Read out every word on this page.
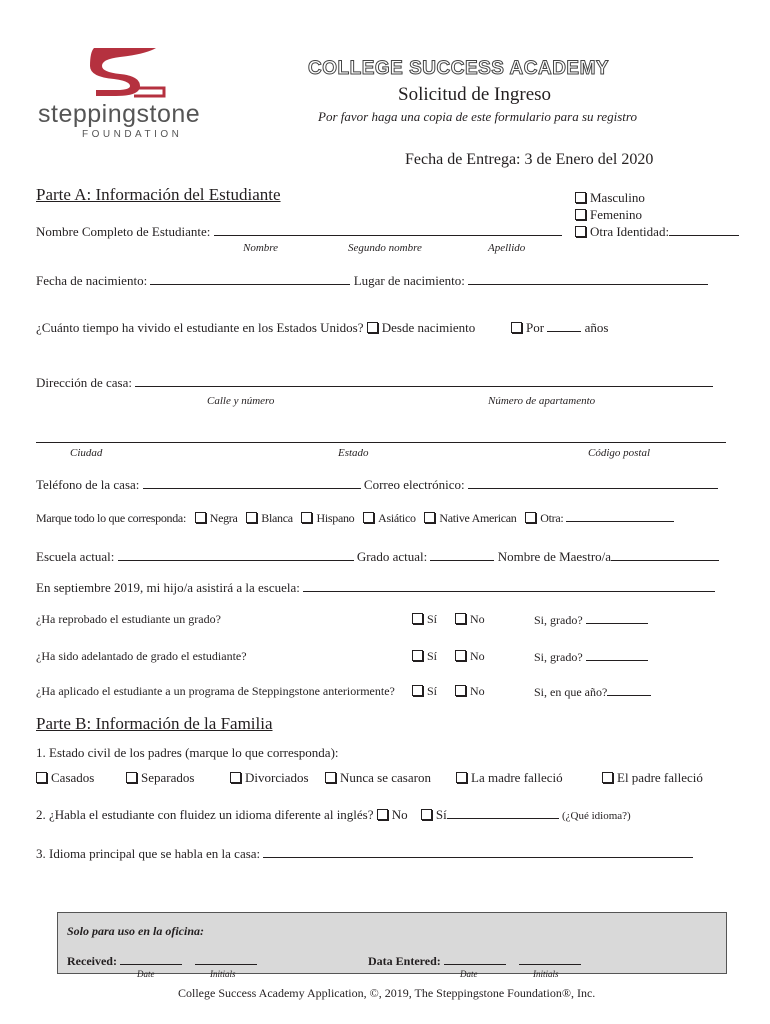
steppingstone
FOUNDATION
COLLEGE SUCCESS ACADEMY
Solicitud de Ingreso
Por favor haga una copia de este formulario para su registro
Fecha de Entrega: 3 de Enero del 2020
Parte A: Información del Estudiante	Masculino
Femenino
Otra Identidad:
Nombre Completo de Estudiante:
Nombre	Segundo nombre	Apellido
Fecha de nacimiento:	Lugar de nacimiento:
¿Cuánto tiempo ha vivido el estudiante en los Estados Unidos? Desde nacimiento	Por	años
Dirección de casa:
Calle y número	Número de apartamento
Ciudad	Estado	Código postal
Teléfono de la casa:	Correo electrónico:
Marque todo lo que corresponda: Negra Blanca Hispano Asiático Native American Otra:
Escuela actual:	Grado actual:	Nombre de Maestro/a
En septiembre 2019, mi hijo/a asistirá a la escuela:
¿Ha reprobado el estudiante un grado?	Sí	No	Si, grado?
¿Ha sido adelantado de grado el estudiante?	Sí	No	Si, grado?
¿Ha aplicado el estudiante a un programa de Steppingstone anteriormente?	Sí	No	Si, en que año?
Parte B: Información de la Familia
1. Estado civil de los padres (marque lo que corresponda):
Casados	Separados	Divorciados	Nunca se casaron	La madre falleció	El padre falleció
2. ¿Habla el estudiante con fluidez un idioma diferente al inglés? No Sí	(¿Qué idioma?)
3. Idioma principal que se habla en la casa:
Solo para uso en la oficina:
Received:
Date	Initials
Data Entered:
Date	Initials
College Success Academy Application, ©, 2019, The Steppingstone Foundation®, Inc.
